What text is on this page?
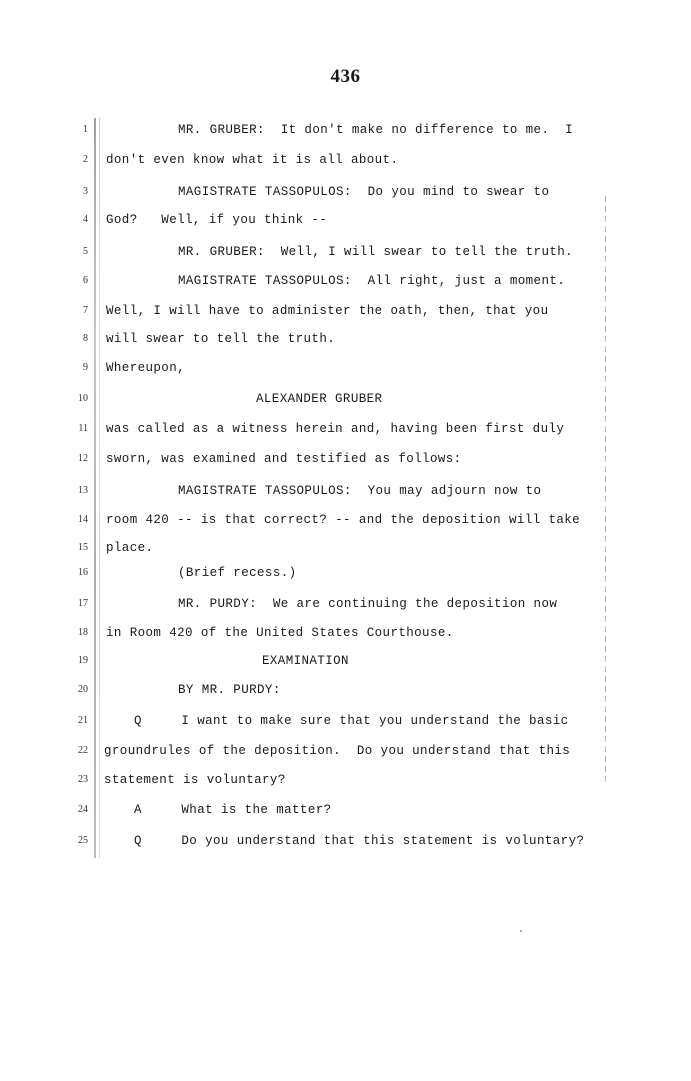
436
1	MR. GRUBER:  It don't make no difference to me.  I
2 don't even know what it is all about.
3	MAGISTRATE TASSOPULOS:  Do you mind to swear to
4 God?   Well, if you think --
5	MR. GRUBER:  Well, I will swear to tell the truth.
6	MAGISTRATE TASSOPULOS:  All right, just a moment.
7 Well, I will have to administer the oath, then, that you
8 will swear to tell the truth.
9 Whereupon,
10	ALEXANDER GRUBER
11 was called as a witness herein and, having been first duly
12 sworn, was examined and testified as follows:
13	MAGISTRATE TASSOPULOS:  You may adjourn now to
14 room 420 -- is that correct? -- and the deposition will take
15 place.
16	(Brief recess.)
17	MR. PURDY:  We are continuing the deposition now
18 in Room 420 of the United States Courthouse.
19	EXAMINATION
20	BY MR. PURDY:
21	Q     I want to make sure that you understand the basic
22 groundrules of the deposition.  Do you understand that this
23 statement is voluntary?
24	A     What is the matter?
25	Q     Do you understand that this statement is voluntary?
